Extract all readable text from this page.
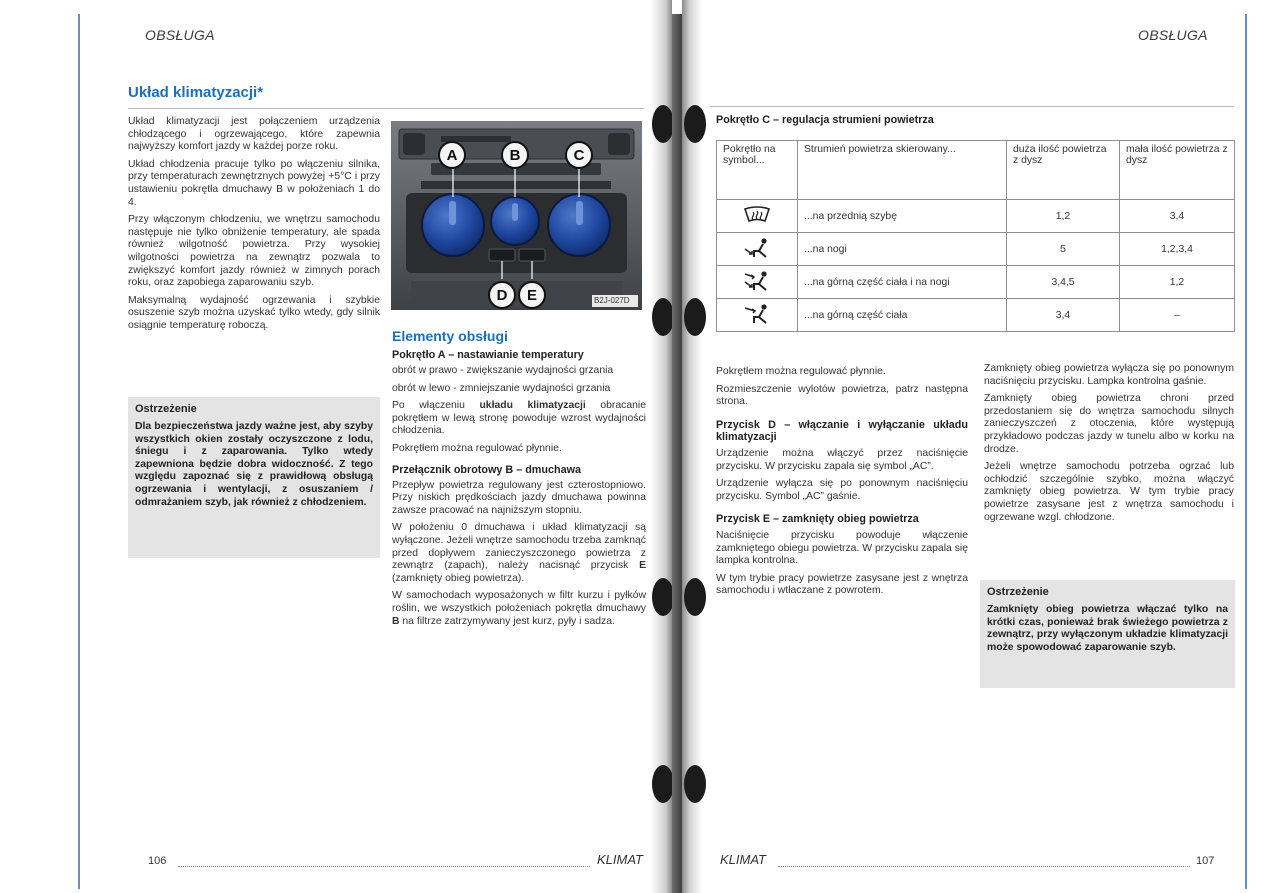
OBSŁUGA
Układ klimatyzacji*

Układ klimatyzacji jest połączeniem urządzenia chłodzącego i ogrzewającego, które zapewnia najwyższy komfort jazdy w każdej porze roku.

Układ chłodzenia pracuje tylko po włączeniu silnika, przy temperaturach zewnętrznych powyżej +5°C i przy ustawieniu pokrętła dmuchawy B w położeniach 1 do 4.

Przy włączonym chłodzeniu, we wnętrzu samochodu następuje nie tylko obniżenie temperatury, ale spada również wilgotność powietrza. Przy wysokiej wilgotności powietrza na zewnątrz pozwala to zwiększyć komfort jazdy również w zimnych porach roku, oraz zapobiega zaparowaniu szyb.

Maksymalną wydajność ogrzewania i szybkie osuszenie szyb można uzyskać tylko wtedy, gdy silnik osiągnie temperaturę roboczą.

Ostrzeżenie
Dla bezpieczeństwa jazdy ważne jest, aby szyby wszystkich okien zostały oczyszczone z lodu, śniegu i z zaparowania. Tylko wtedy zapewniona będzie dobra widoczność. Z tego względu zapoznać się z prawidłową obsługą ogrzewania i wentylacji, z osuszaniem / odmrażaniem szyb, jak również z chłodzeniem.
A	B	C
D	E	B2J-027D
Elementy obsługi
Pokrętło A – nastawianie temperatury

obrót w prawo - zwiększanie wydajności grzania

obrót w lewo - zmniejszanie wydajności grzania

Po włączeniu układu klimatyzacji obracanie pokrętłem w lewą stronę powoduje wzrost wydajności chłodzenia.

Pokrętłem można regulować płynnie.

Przełącznik obrotowy B – dmuchawa

Przepływ powietrza regulowany jest czterostopniowo. Przy niskich prędkościach jazdy dmuchawa powinna zawsze pracować na najniższym stopniu.

W położeniu 0 dmuchawa i układ klimatyzacji są wyłączone. Jeżeli wnętrze samochodu trzeba zamknąć przed dopływem zanieczyszczonego powietrza z zewnątrz (zapach), należy nacisnąć przycisk E (zamknięty obieg powietrza).

W samochodach wyposażonych w filtr kurzu i pyłków roślin, we wszystkich położeniach pokrętła dmuchawy B na filtrze zatrzymywany jest kurz, pyły i sadza.

106	KLIMAT
OBSŁUGA
Pokrętło C – regulacja strumieni powietrza
Pokrętło na symbol...	Strumień powietrza skierowany...	duża ilość powietrza z dysz	mała ilość powietrza z dysz
	...na przednią szybę	1,2	3,4
	...na nogi	5	1,2,3,4
	...na górną część ciała i na nogi	3,4,5	1,2
	...na górną część ciała	3,4	–

Pokrętłem można regulować płynnie.

Rozmieszczenie wylotów powietrza, patrz następna strona.

Przycisk D – włączanie i wyłączanie układu klimatyzacji

Urządzenie można włączyć przez naciśnięcie przycisku. W przycisku zapala się symbol „AC”.

Urządzenie wyłącza się po ponownym naciśnięciu przycisku. Symbol „AC” gaśnie.

Przycisk E – zamknięty obieg powietrza

Naciśnięcie przycisku powoduje włączenie zamkniętego obiegu powietrza. W przycisku zapala się lampka kontrolna.

W tym trybie pracy powietrze zasysane jest z wnętrza samochodu i wtłaczane z powrotem.

Zamknięty obieg powietrza wyłącza się po ponownym naciśnięciu przycisku. Lampka kontrolna gaśnie.

Zamknięty obieg powietrza chroni przed przedostaniem się do wnętrza samochodu silnych zanieczyszczeń z otoczenia, które występują przykładowo podczas jazdy w tunelu albo w korku na drodze.

Jeżeli wnętrze samochodu potrzeba ogrzać lub ochłodzić szczególnie szybko, można włączyć zamknięty obieg powietrza. W tym trybie pracy powietrze zasysane jest z wnętrza samochodu i ogrzewane wzgl. chłodzone.

Ostrzeżenie
Zamknięty obieg powietrza włączać tylko na krótki czas, ponieważ brak świeżego powietrza z zewnątrz, przy wyłączonym układzie klimatyzacji może spowodować zaparowanie szyb.
KLIMAT	107
